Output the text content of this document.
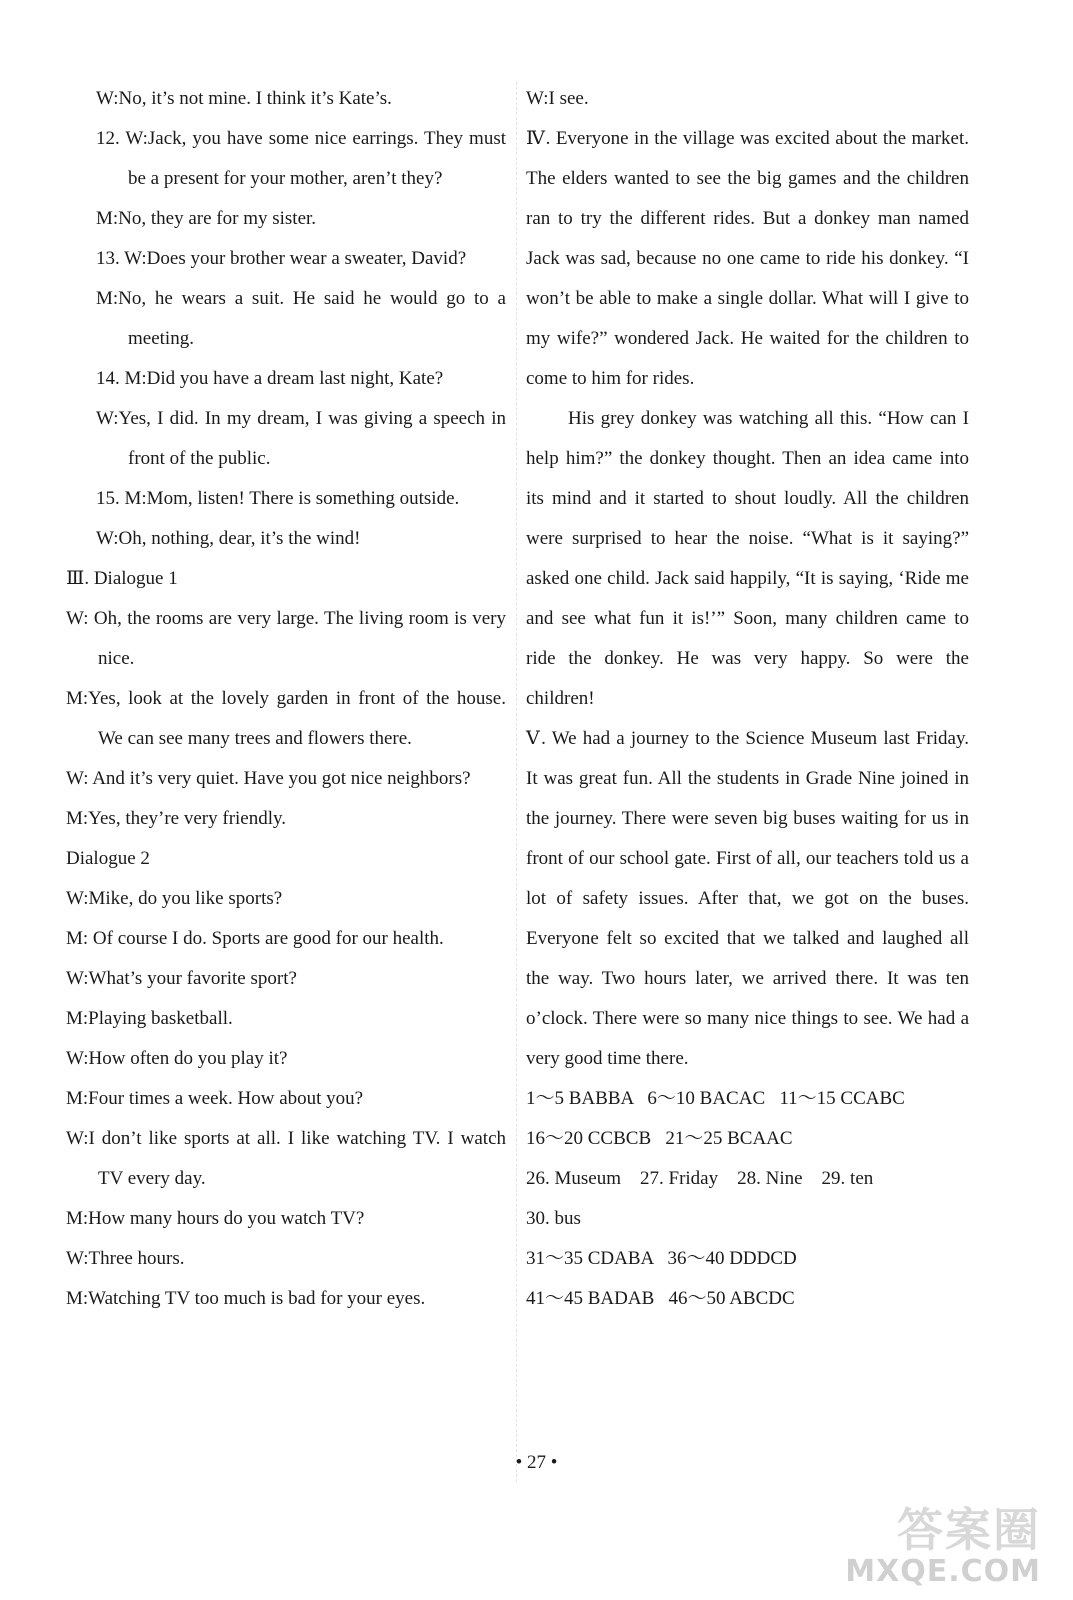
W:No, it’s not mine. I think it’s Kate’s.

12. W:Jack, you have some nice earrings. They must be a present for your mother, aren’t they?

M:No, they are for my sister.

13. W:Does your brother wear a sweater, David?

M:No, he wears a suit. He said he would go to a meeting.

14. M:Did you have a dream last night, Kate?

W:Yes, I did. In my dream, I was giving a speech in front of the public.

15. M:Mom, listen! There is something outside.

W:Oh, nothing, dear, it’s the wind!

Ⅲ. Dialogue 1

W: Oh, the rooms are very large. The living room is very nice.

M:Yes, look at the lovely garden in front of the house. We can see many trees and flowers there.

W: And it’s very quiet. Have you got nice neighbors?

M:Yes, they’re very friendly.

Dialogue 2

W:Mike, do you like sports?

M: Of course I do. Sports are good for our health.

W:What’s your favorite sport?

M:Playing basketball.

W:How often do you play it?

M:Four times a week. How about you?

W:I don’t like sports at all. I like watching TV. I watch TV every day.

M:How many hours do you watch TV?

W:Three hours.

M:Watching TV too much is bad for your eyes.

W:I see.

Ⅳ. Everyone in the village was excited about the market. The elders wanted to see the big games and the children ran to try the different rides. But a donkey man named Jack was sad, because no one came to ride his donkey. “I won’t be able to make a single dollar. What will I give to my wife?” wondered Jack. He waited for the children to come to him for rides.

His grey donkey was watching all this. “How can I help him?” the donkey thought. Then an idea came into its mind and it started to shout loudly. All the children were surprised to hear the noise. “What is it saying?” asked one child. Jack said happily, “It is saying, ‘Ride me and see what fun it is!’” Soon, many children came to ride the donkey. He was very happy. So were the children!

Ⅴ. We had a journey to the Science Museum last Friday. It was great fun. All the students in Grade Nine joined in the journey. There were seven big buses waiting for us in front of our school gate. First of all, our teachers told us a lot of safety issues. After that, we got on the buses. Everyone felt so excited that we talked and laughed all the way. Two hours later, we arrived there. It was ten o’clock. There were so many nice things to see. We had a very good time there.

1～5 BABBA   6～10 BACAC   11～15 CCABC

16～20 CCBCB   21～25 BCAAC

26. Museum    27. Friday    28. Nine    29. ten

30. bus

31～35 CDABA   36～40 DDDCD

41～45 BADAB   46～50 ABCDC

• 27 •
答案圈
MXQE.COM
